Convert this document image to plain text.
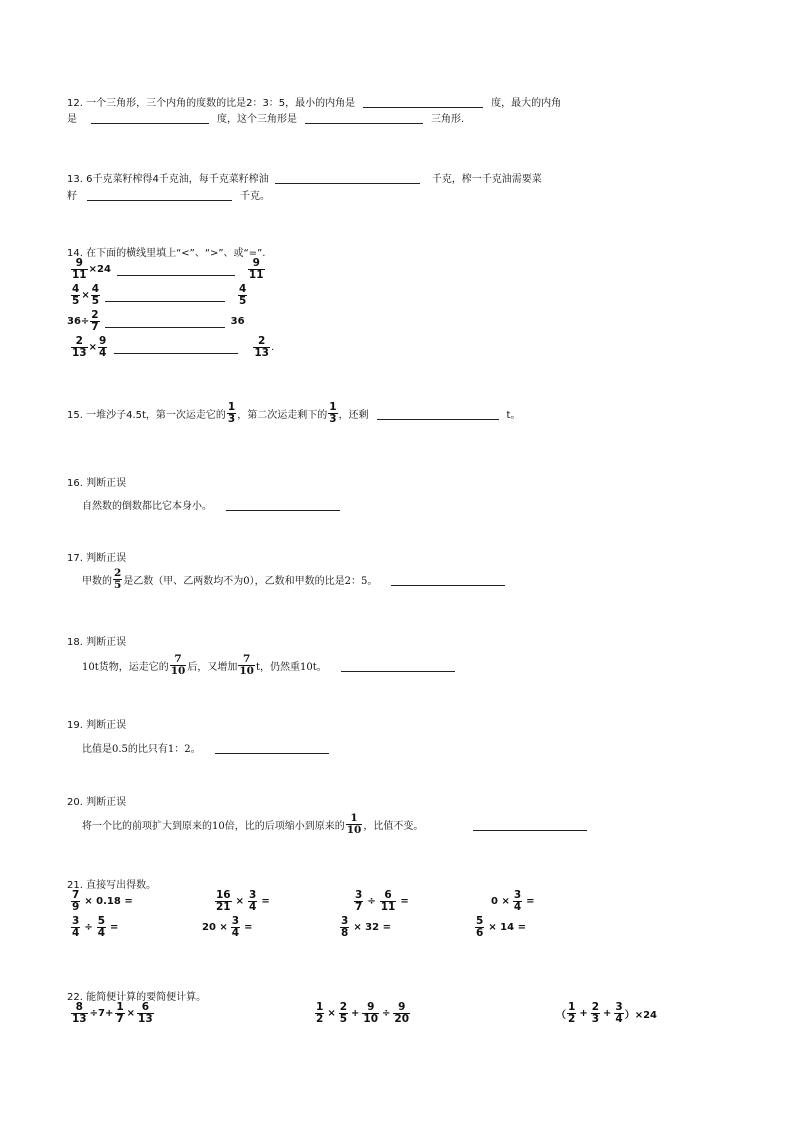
12. 一个三角形，三个内角的度数的比是2：3：5，最小的内角是	度，最大的内角
是	度，这个三角形是	三角形.
13. 6千克菜籽榨得4千克油，每千克菜籽榨油	千克，榨一千克油需要菜
籽	千克。
14. 在下面的横线里填上“<”、“>”、或“=”.
$\frac{9}{11} \times 24$	$\frac{9}{11}$
$\frac{4}{5} \times \frac{4}{5}$	$\frac{4}{5}$
$36\div \frac{2}{7}$	36
$\frac{2}{13} \times \frac{9}{4}$	$\frac{2}{13}$ .
15. 一堆沙子4.5t，第一次运走它的 $\frac{1}{3}$ ，第二次运走剩下的 $\frac{1}{3}$ ，还剩	t。
16. 判断正误
自然数的倒数都比它本身小。
17. 判断正误
甲数的 $\frac{2}{5}$ 是乙数（甲、乙两数均不为0），乙数和甲数的比是2：5。
18. 判断正误
10t货物，运走它的 $\frac{7}{10}$ 后，又增加 $\frac{7}{10}$ t，仍然重10t。
19. 判断正误
比值是0.5的比只有1：2。
20. 判断正误
将一个比的前项扩大到原来的10倍，比的后项缩小到原来的 $\frac{1}{10}$ ，比值不变。
21. 直接写出得数。
$\frac{7}{9} \times 0.18$ =	$\frac{16}{21} \times \frac{3}{4}$ =	$\frac{3}{7} \div \frac{6}{11}$ =	$0 \times \frac{3}{4}$ =
$\frac{3}{4} \div \frac{5}{4}$ =	$20 \times \frac{3}{4}$ =	$\frac{3}{8} \times 32$ =	$\frac{5}{6} \times 14$ =
22. 能简便计算的要简便计算。
$\frac{8}{13} \div 7+ \frac{1}{7} \times \frac{6}{13}$	$\frac{1}{2} \times \frac{2}{5} + \frac{9}{10} \div \frac{9}{20}$	（ $\frac{1}{2} + \frac{2}{3} + \frac{3}{4} )\times 24$
